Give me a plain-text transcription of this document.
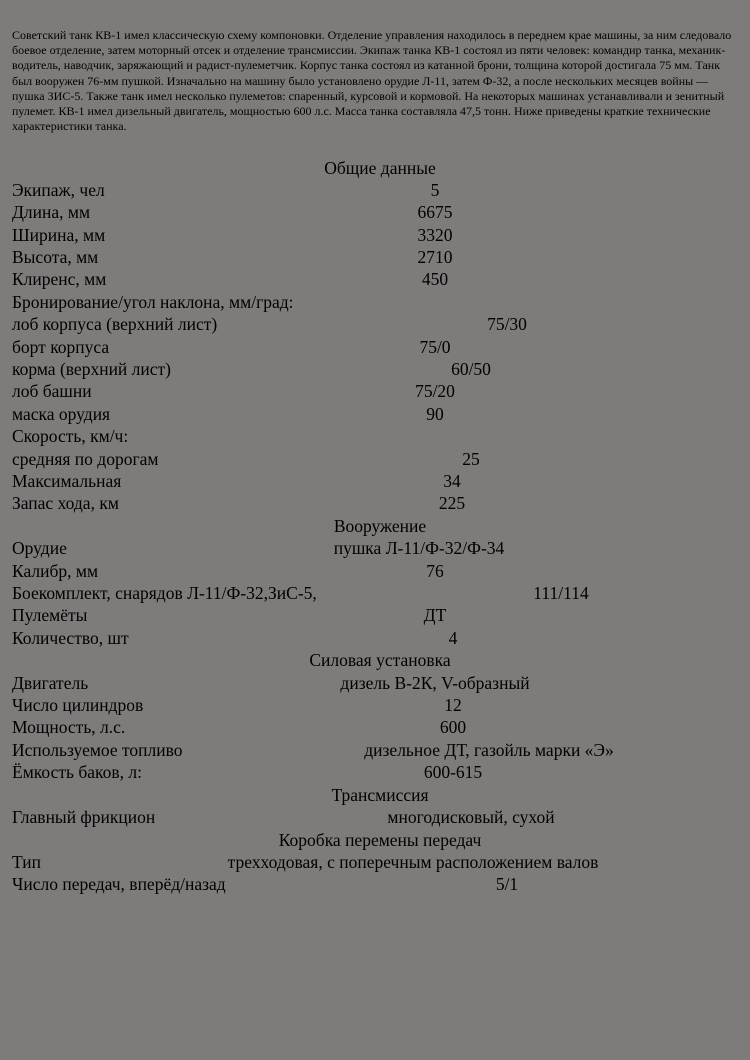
Советский танк КВ-1 имел классическую схему компоновки. Отделение управления находилось в переднем крае машины, за ним следовало боевое отделение, затем моторный отсек и отделение трансмиссии. Экипаж танка КВ-1 состоял из пяти человек: командир танка, механик-водитель, наводчик, заряжающий и радист-пулеметчик. Корпус танка состоял из катанной брони, толщина которой достигала 75 мм. Танк был вооружен 76-мм пушкой. Изначально на машину было установлено орудие Л-11, затем Ф-32, а после нескольких месяцев войны — пушка ЗИС-5. Также танк имел несколько пулеметов: спаренный, курсовой и кормовой. На некоторых машинах устанавливали и зенитный пулемет. КВ-1 имел дизельный двигатель, мощностью 600 л.с. Масса танка составляла 47,5 тонн. Ниже приведены краткие технические характеристики танка.

Общие данные
Экипаж, чел	5
Длина, мм	6675
Ширина, мм	3320
Высота, мм	2710
Клиренс, мм	450
Бронирование/угол наклона, мм/град:
лоб корпуса (верхний лист)	75/30
борт корпуса	75/0
корма (верхний лист)	60/50
лоб башни	75/20
маска орудия	90
Скорость, км/ч:
средняя по дорогам	25
Максимальная	34
Запас хода, км	225
Вооружение
Орудие	пушка Л-11/Ф-32/Ф-34
Калибр, мм	76
Боекомплект, снарядов Л-11/Ф-32,ЗиС-5,	111/114
Пулемёты	ДТ
Количество, шт	4
Силовая установка
Двигатель	дизель В-2К, V-образный
Число цилиндров	12
Мощность, л.с.	600
Используемое топливо	дизельное ДТ, газойль марки «Э»
Ёмкость баков, л:	600-615
Трансмиссия
Главный фрикцион	многодисковый, сухой
Коробка перемены передач
Тип	трехходовая, с поперечным расположением валов
Число передач, вперёд/назад	5/1
